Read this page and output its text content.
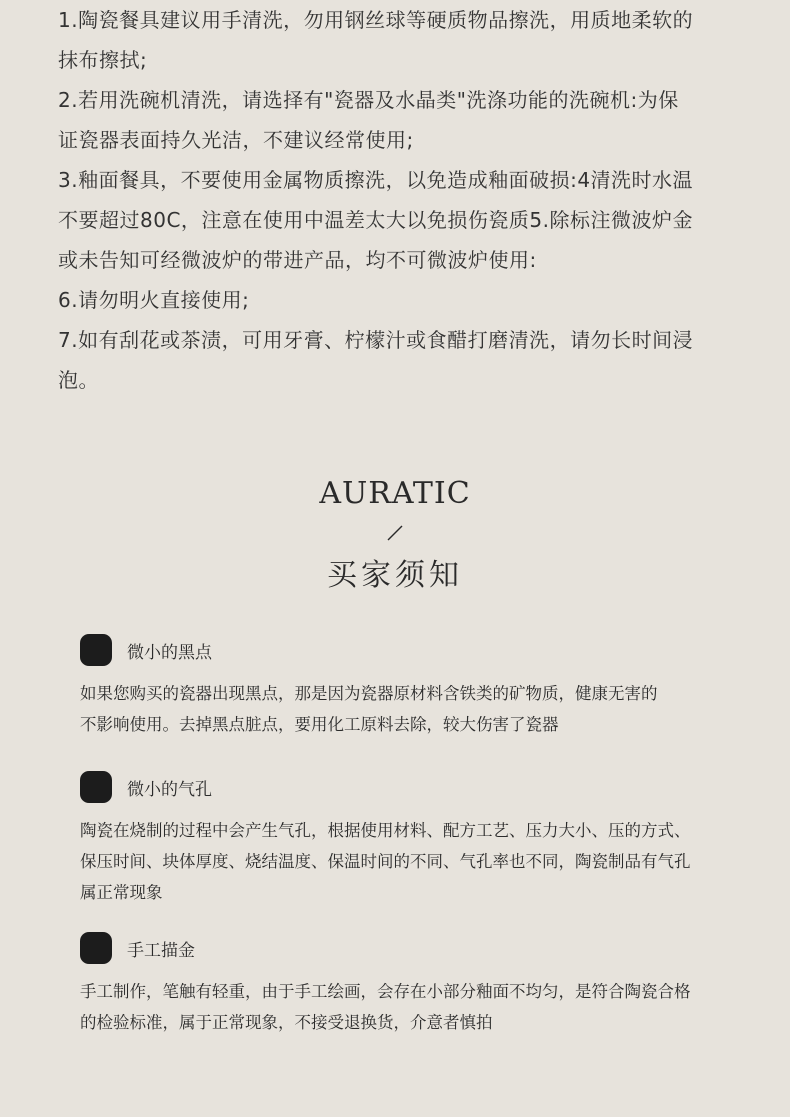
1.陶瓷餐具建议用手清洗，勿用钢丝球等硬质物品擦洗，用质地柔软的

抹布擦拭;

2.若用洗碗机清洗，请选择有"瓷器及水晶类"洗涤功能的洗碗机:为保

证瓷器表面持久光洁，不建议经常使用;

3.釉面餐具，不要使用金属物质擦洗，以免造成釉面破损:4清洗时水温

不要超过80C，注意在使用中温差太大以免损伤瓷质5.除标注微波炉金

或未告知可经微波炉的带进产品，均不可微波炉使用:

6.请勿明火直接使用;

7.如有刮花或茶渍，可用牙膏、柠檬汁或食醋打磨清洗，请勿长时间浸

泡。

AURATIC
买家须知
微小的黑点

如果您购买的瓷器出现黑点，那是因为瓷器原材料含铁类的矿物质，健康无害的

不影响使用。去掉黑点脏点，要用化工原料去除，较大伤害了瓷器

微小的气孔

陶瓷在烧制的过程中会产生气孔，根据使用材料、配方工艺、压力大小、压的方式、

保压时间、块体厚度、烧结温度、保温时间的不同、气孔率也不同，陶瓷制品有气孔

属正常现象

手工描金

手工制作，笔触有轻重，由于手工绘画，会存在小部分釉面不均匀，是符合陶瓷合格

的检验标准，属于正常现象，不接受退换货，介意者慎拍
